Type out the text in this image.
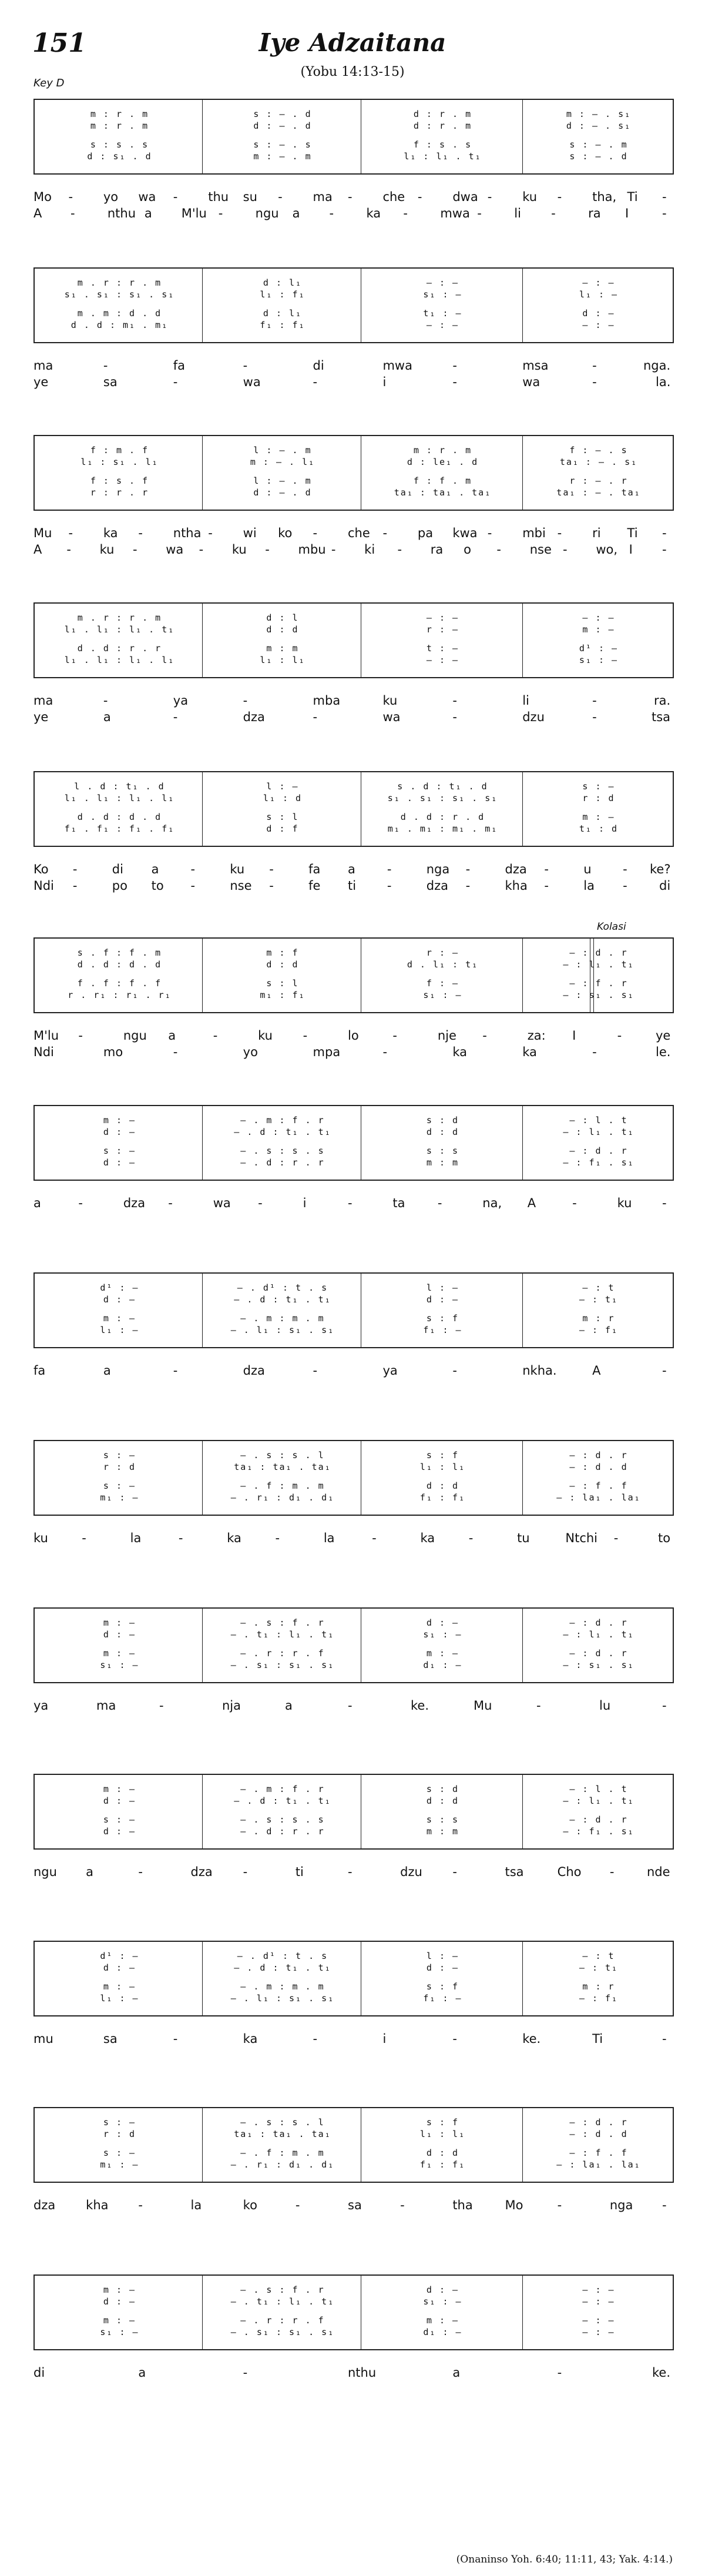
151	Iye Adzaitana
(Yobu 14:13-15)
Key D
m : r . m	s : – . d	d : r . m	m : – . s₁
m : r . m	d : – . d	d : r . m	d : – . s₁
s : s . s	s : – . s	f : s . s	s : – . m
d : s₁ . d	m : – . m	l₁ : l₁ . t₁	s : – . d
Mo - yo wa - thu su - ma - che - dwa - ku - tha, Ti -
A -	nthu a M'lu -	ngu a -	ka -	mwa -	li -	ra I	-
m . r : r . m	d : l₁	— : —	— : —
s₁ . s₁ : s₁ . s₁	l₁ : f₁	s₁ : —	l₁ : —
m . m : d . d	d : l₁	t₁ : —	d : —
d . d : m₁ . m₁	f₁ : f₁	— : —	— : —
ma	-	fa	-	di	mwa	-	msa	-	nga.
ye	sa	-	wa	-	i	-	wa	-	la.
f : m . f	l : – . m	m : r . m	f : – . s
l₁ : s₁ . l₁	m : – . l₁	d : le₁ . d	ta₁ : – . s₁
f : s . f	l : – . m	f : f . m	r : – . r
r : r . r	d : – . d	ta₁ : ta₁ . ta₁	ta₁ : – . ta₁
Mu - ka - ntha - wi ko - che - pa kwa - mbi - ri Ti -
A - ku - wa - ku - mbu - ki - ra o - nse - wo, I -
m . r : r . m	d : l	— : —	— : —
l₁ . l₁ : l₁ . t₁	d : d	r : —	m : —
d . d : r . r	m : m	t : —	d¹ : —
l₁ . l₁ : l₁ . l₁	l₁ : l₁	— : —	s₁ : —
ma	-	ya	-	mba	ku	-	li	-	ra.
ye	a	-	dza	-	wa	-	dzu	-	tsa
l . d : t₁ . d	l : —	s . d : t₁ . d	s : —
l₁ . l₁ : l₁ . l₁	l₁ : d	s₁ . s₁ : s₁ . s₁	r : d
d . d : d . d	s : l	d . d : r . d	m : —
f₁ . f₁ : f₁ . f₁	d : f	m₁ . m₁ : m₁ . m₁	t₁ : d
Ko -	di a	-	ku -	fa a	-	nga -	dza -	u	- ke?
Ndi -	po to -	nse -	fe ti	-	dza -	kha -	la -	di
Kolasi
s . f : f . m	m : f	r : —	— : d . r
d . d : d . d	d : d	d . l₁ : t₁	— : l₁ . t₁
f . f : f . f	s : l	f : —	— : f . r
r . r₁ : r₁ . r₁	m₁ : f₁	s₁ : —	— : s₁ . s₁
M'lu -	ngu a	-	ku -	lo	-	nje -	za: I	-	ye
Ndi	mo	-	yo	mpa	-	ka	ka	-	le.
m : —	– . m : f . r	s : d	— : l . t
d : —	– . d : t₁ . t₁	d : d	— : l₁ . t₁
s : —	– . s : s . s	s : s	— : d . r
d : —	– . d : r . r	m : m	— : f₁ . s₁
a	-	dza -	wa -	i	-	ta	-	na, A	-	ku -
d¹ : —	– . d¹ : t . s	l : —	— : t
d : —	– . d : t₁ . t₁	d : —	— : t₁
m : —	– . m : m . m	s : f	m : r
l₁ : —	– . l₁ : s₁ . s₁	f₁ : —	— : f₁
fa	a	-	dza	-	ya	-	nkha.	A	-
s : —	– . s : s . l	s : f	— : d . r
r : d	ta₁ : ta₁ . ta₁	l₁ : l₁	— : d . d
s : —	– . f : m . m	d : d	— : f . f
m₁ : —	– . r₁ : d₁ . d₁	f₁ : f₁	— : la₁ . la₁
ku	-	la	-	ka	-	la	-	ka	-	tu	Ntchi -	to
m : —	– . s : f . r	d : —	— : d . r
d : —	– . t₁ : l₁ . t₁	s₁ : —	— : l₁ . t₁
m : —	– . r : r . f	m : —	— : d . r
s₁ : —	– . s₁ : s₁ . s₁	d₁ : —	— : s₁ . s₁
ya	ma	-	nja	a	-	ke.	Mu	-	lu	-
m : —	– . m : f . r	s : d	— : l . t
d : —	– . d : t₁ . t₁	d : d	— : l₁ . t₁
s : —	– . s : s . s	s : s	— : d . r
d : —	– . d : r . r	m : m	— : f₁ . s₁
ngu a	-	dza -	ti	-	dzu -	tsa	Cho -	nde
d¹ : —	– . d¹ : t . s	l : —	— : t
d : —	– . d : t₁ . t₁	d : —	— : t₁
m : —	– . m : m . m	s : f	m : r
l₁ : —	– . l₁ : s₁ . s₁	f₁ : —	— : f₁
mu	sa	-	ka	-	i	-	ke.	Ti	-
s : —	– . s : s . l	s : f	— : d . r
r : d	ta₁ : ta₁ . ta₁	l₁ : l₁	— : d . d
s : —	– . f : m . m	d : d	— : f . f
m₁ : —	– . r₁ : d₁ . d₁	f₁ : f₁	— : la₁ . la₁
dza kha -	la	ko	-	sa	-	tha	Mo	-	nga -
m : —	– . s : f . r	d : —	— : —
d : —	– . t₁ : l₁ . t₁	s₁ : —	— : —
m : —	– . r : r . f	m : —	— : —
s₁ : —	– . s₁ : s₁ . s₁	d₁ : —	— : —
di	a	-	nthu	a	-	ke.
(Onaninso Yoh. 6:40; 11:11, 43; Yak. 4:14.)
